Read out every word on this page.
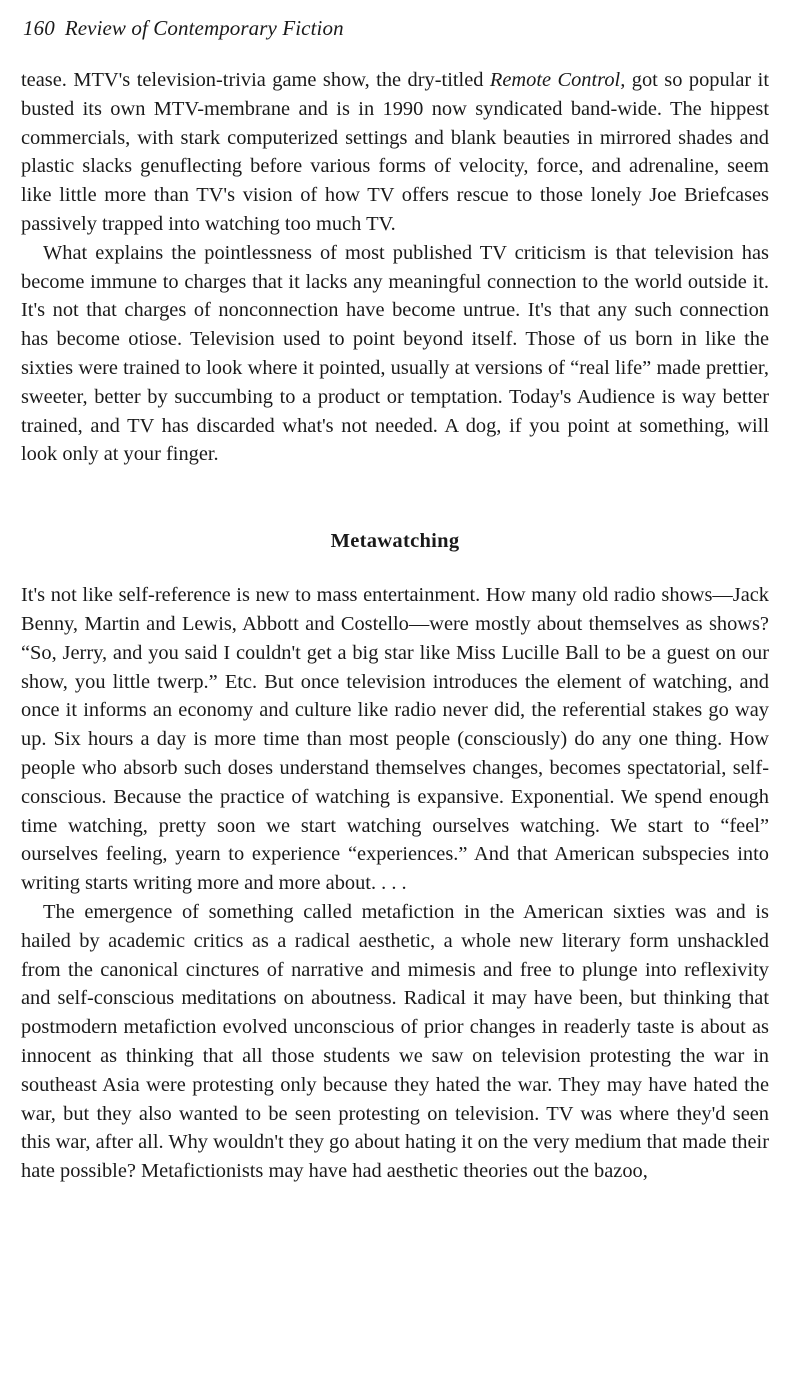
160 Review of Contemporary Fiction

tease. MTV's television-trivia game show, the dry-titled Remote Control, got so popular it busted its own MTV-membrane and is in 1990 now syndicated band-wide. The hippest commercials, with stark computerized settings and blank beauties in mirrored shades and plastic slacks genuflecting before various forms of velocity, force, and adrenaline, seem like little more than TV's vision of how TV offers rescue to those lonely Joe Briefcases passively trapped into watching too much TV.

What explains the pointlessness of most published TV criticism is that television has become immune to charges that it lacks any meaningful connection to the world outside it. It's not that charges of nonconnection have become untrue. It's that any such connection has become otiose. Television used to point beyond itself. Those of us born in like the sixties were trained to look where it pointed, usually at versions of “real life” made prettier, sweeter, better by succumbing to a product or temptation. Today's Audience is way better trained, and TV has discarded what's not needed. A dog, if you point at something, will look only at your finger.

Metawatching

It's not like self-reference is new to mass entertainment. How many old radio shows—Jack Benny, Martin and Lewis, Abbott and Costello—were mostly about themselves as shows? “So, Jerry, and you said I couldn't get a big star like Miss Lucille Ball to be a guest on our show, you little twerp.” Etc. But once television introduces the element of watching, and once it informs an economy and culture like radio never did, the referential stakes go way up. Six hours a day is more time than most people (consciously) do any one thing. How people who absorb such doses understand themselves changes, becomes spectatorial, self-conscious. Because the practice of watching is expansive. Exponential. We spend enough time watching, pretty soon we start watching ourselves watching. We start to “feel” ourselves feeling, yearn to experience “experiences.” And that American subspecies into writing starts writing more and more about. . . .

The emergence of something called metafiction in the American sixties was and is hailed by academic critics as a radical aesthetic, a whole new literary form unshackled from the canonical cinctures of narrative and mimesis and free to plunge into reflexivity and self-conscious meditations on aboutness. Radical it may have been, but thinking that postmodern metafiction evolved unconscious of prior changes in readerly taste is about as innocent as thinking that all those students we saw on television protesting the war in southeast Asia were protesting only because they hated the war. They may have hated the war, but they also wanted to be seen protesting on television. TV was where they'd seen this war, after all. Why wouldn't they go about hating it on the very medium that made their hate possible? Metafictionists may have had aesthetic theories out the bazoo,
